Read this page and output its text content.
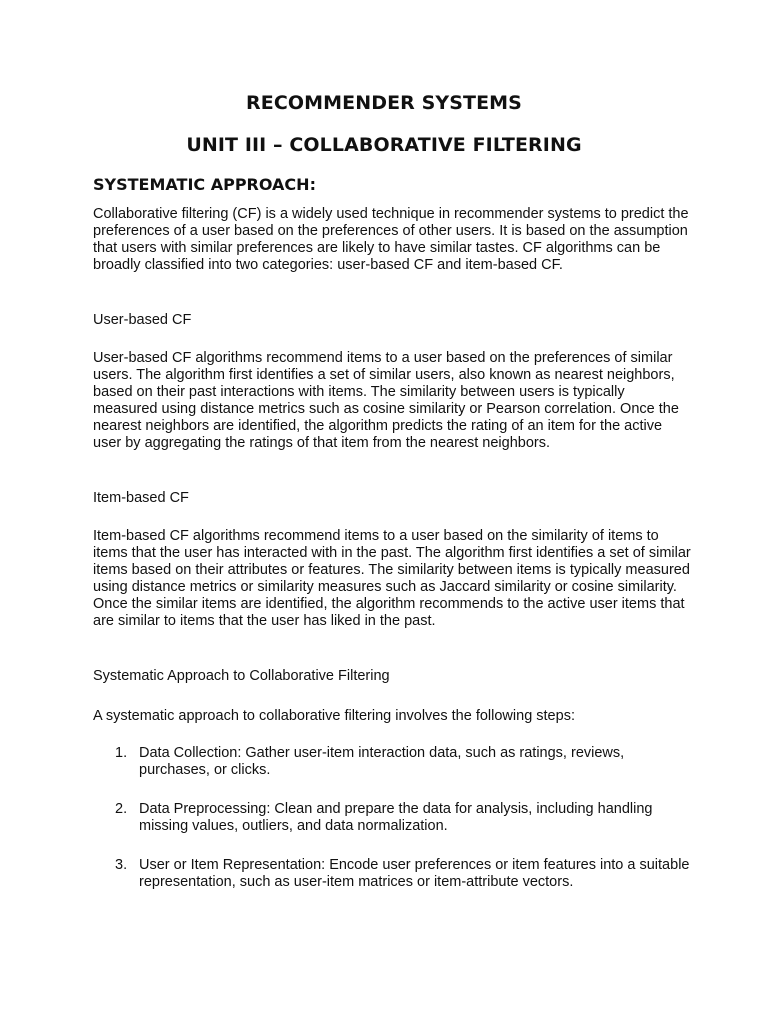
RECOMMENDER SYSTEMS
UNIT III – COLLABORATIVE FILTERING
SYSTEMATIC APPROACH:

Collaborative filtering (CF) is a widely used technique in recommender systems to predict the preferences of a user based on the preferences of other users. It is based on the assumption that users with similar preferences are likely to have similar tastes. CF algorithms can be broadly classified into two categories: user-based CF and item-based CF.

User-based CF

User-based CF algorithms recommend items to a user based on the preferences of similar users. The algorithm first identifies a set of similar users, also known as nearest neighbors, based on their past interactions with items. The similarity between users is typically measured using distance metrics such as cosine similarity or Pearson correlation. Once the nearest neighbors are identified, the algorithm predicts the rating of an item for the active user by aggregating the ratings of that item from the nearest neighbors.

Item-based CF

Item-based CF algorithms recommend items to a user based on the similarity of items to items that the user has interacted with in the past. The algorithm first identifies a set of similar items based on their attributes or features. The similarity between items is typically measured using distance metrics or similarity measures such as Jaccard similarity or cosine similarity. Once the similar items are identified, the algorithm recommends to the active user items that are similar to items that the user has liked in the past.

Systematic Approach to Collaborative Filtering

A systematic approach to collaborative filtering involves the following steps:

1. Data Collection: Gather user-item interaction data, such as ratings, reviews, purchases, or clicks.
2. Data Preprocessing: Clean and prepare the data for analysis, including handling missing values, outliers, and data normalization.
3. User or Item Representation: Encode user preferences or item features into a suitable representation, such as user-item matrices or item-attribute vectors.
